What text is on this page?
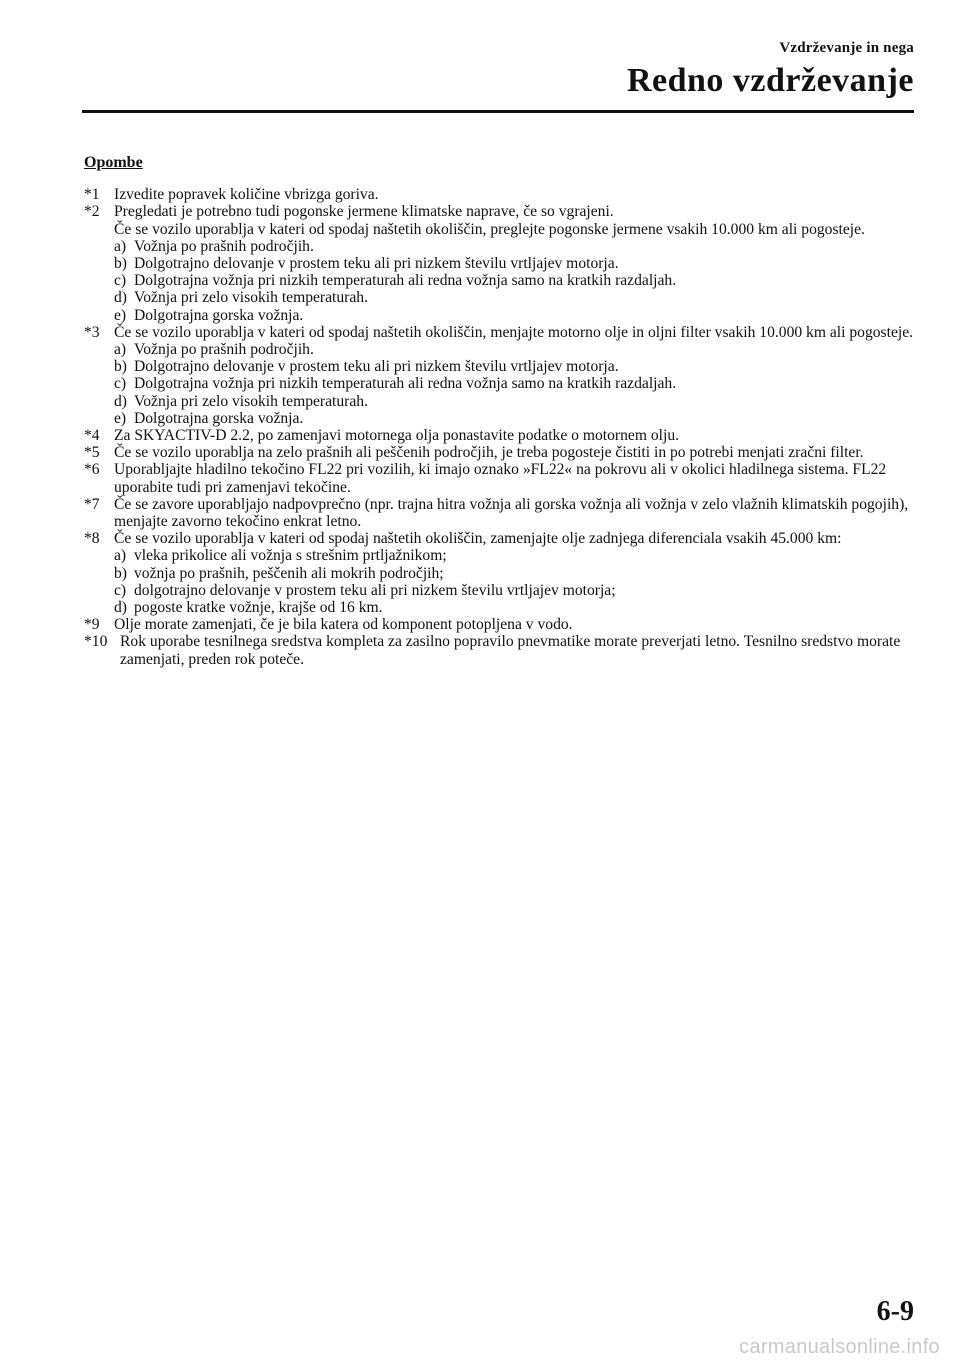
Vzdrževanje in nega
Redno vzdrževanje
Opombe
*1 Izvedite popravek količine vbrizga goriva.
*2 Pregledati je potrebno tudi pogonske jermene klimatske naprave, če so vgrajeni.
Če se vozilo uporablja v kateri od spodaj naštetih okoliščin, preglejte pogonske jermene vsakih 10.000 km ali pogosteje.
a) Vožnja po prašnih področjih.
b) Dolgotrajno delovanje v prostem teku ali pri nizkem številu vrtljajev motorja.
c) Dolgotrajna vožnja pri nizkih temperaturah ali redna vožnja samo na kratkih razdaljah.
d) Vožnja pri zelo visokih temperaturah.
e) Dolgotrajna gorska vožnja.
*3 Če se vozilo uporablja v kateri od spodaj naštetih okoliščin, menjajte motorno olje in oljni filter vsakih 10.000 km ali pogosteje.
a) Vožnja po prašnih področjih.
b) Dolgotrajno delovanje v prostem teku ali pri nizkem številu vrtljajev motorja.
c) Dolgotrajna vožnja pri nizkih temperaturah ali redna vožnja samo na kratkih razdaljah.
d) Vožnja pri zelo visokih temperaturah.
e) Dolgotrajna gorska vožnja.
*4 Za SKYACTIV-D 2.2, po zamenjavi motornega olja ponastavite podatke o motornem olju.
*5 Če se vozilo uporablja na zelo prašnih ali peščenih področjih, je treba pogosteje čistiti in po potrebi menjati zračni filter.
*6 Uporabljajte hladilno tekočino FL22 pri vozilih, ki imajo oznako »FL22« na pokrovu ali v okolici hladilnega sistema. FL22 uporabite tudi pri zamenjavi tekočine.
*7 Če se zavore uporabljajo nadpovprečno (npr. trajna hitra vožnja ali gorska vožnja ali vožnja v zelo vlažnih klimatskih pogojih), menjajte zavorno tekočino enkrat letno.
*8 Če se vozilo uporablja v kateri od spodaj naštetih okoliščin, zamenjajte olje zadnjega diferenciala vsakih 45.000 km:
a) vleka prikolice ali vožnja s strešnim prtljažnikom;
b) vožnja po prašnih, peščenih ali mokrih področjih;
c) dolgotrajno delovanje v prostem teku ali pri nizkem številu vrtljajev motorja;
d) pogoste kratke vožnje, krajše od 16 km.
*9 Olje morate zamenjati, če je bila katera od komponent potopljena v vodo.
*10 Rok uporabe tesnilnega sredstva kompleta za zasilno popravilo pnevmatike morate preverjati letno. Tesnilno sredstvo morate zamenjati, preden rok poteče.
6-9
carmanualsonline.info
